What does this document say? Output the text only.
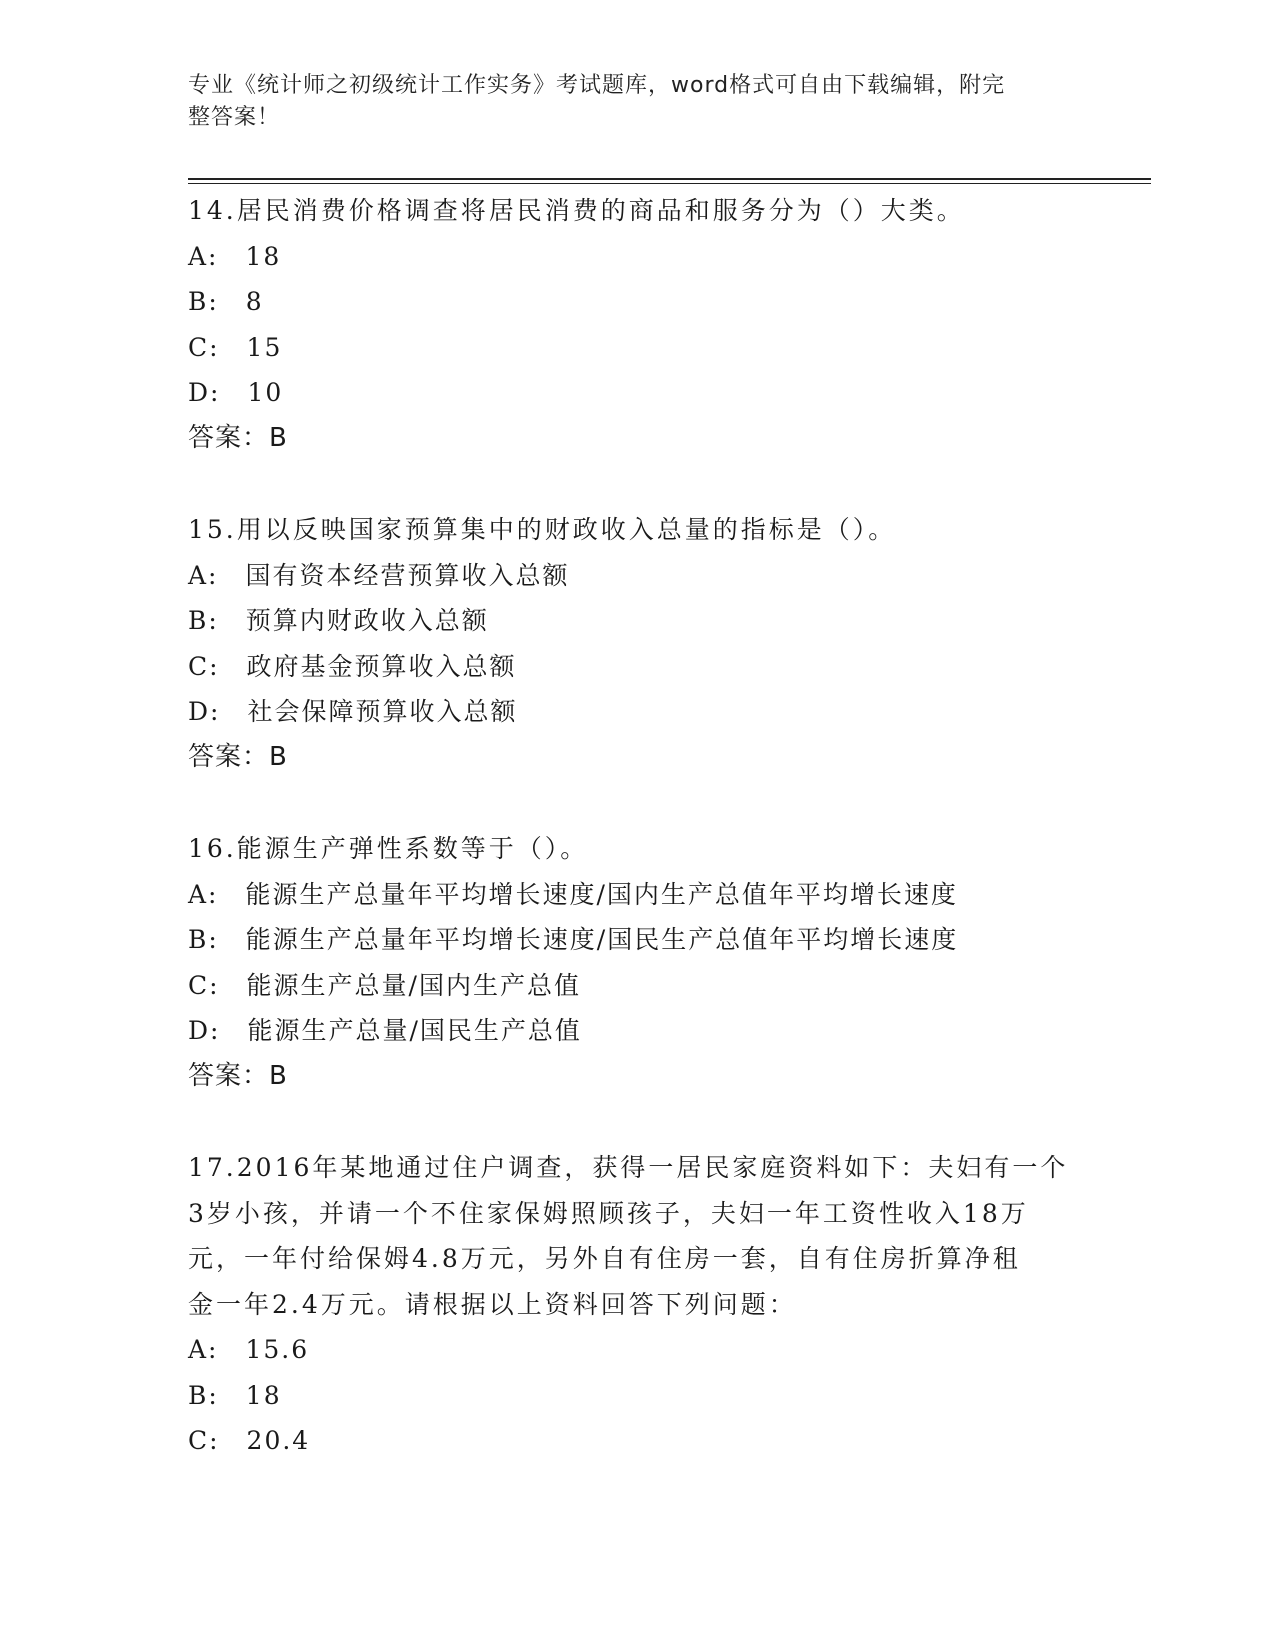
专业《统计师之初级统计工作实务》考试题库，word格式可自由下载编辑，附完
整答案！
14.居民消费价格调查将居民消费的商品和服务分为（）大类。
A:　18
B:　8
C:　15
D:　10
答案：B
15.用以反映国家预算集中的财政收入总量的指标是（）。
A:　国有资本经营预算收入总额
B:　预算内财政收入总额
C:　政府基金预算收入总额
D:　社会保障预算收入总额
答案：B
16.能源生产弹性系数等于（）。
A:　能源生产总量年平均增长速度/国内生产总值年平均增长速度
B:　能源生产总量年平均增长速度/国民生产总值年平均增长速度
C:　能源生产总量/国内生产总值
D:　能源生产总量/国民生产总值
答案：B
17.2016年某地通过住户调查，获得一居民家庭资料如下：夫妇有一个
3岁小孩，并请一个不住家保姆照顾孩子，夫妇一年工资性收入18万
元，一年付给保姆4.8万元，另外自有住房一套，自有住房折算净租
金一年2.4万元。请根据以上资料回答下列问题：
A:　15.6
B:　18
C:　20.4
